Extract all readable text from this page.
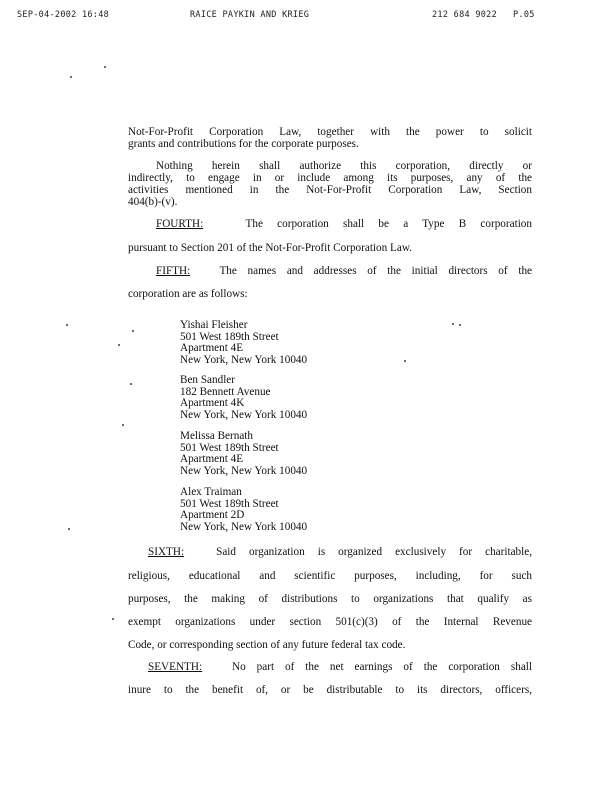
SEP-04-2002 16:48	RAICE PAYKIN AND KRIEG	212 684 9022 P.05
Not-For-Profit Corporation Law, together with the power to solicit
grants and contributions for the corporate purposes.
Nothing herein shall authorize this corporation, directly or
indirectly, to engage in or include among its purposes, any of the
activities mentioned in the Not-For-Profit Corporation Law, Section
404(b)-(v).
FOURTH:	The corporation shall be a Type B corporation
pursuant to Section 201 of the Not-For-Profit Corporation Law.
FIFTH:	The names and addresses of the initial directors of the
corporation are as follows:
Yishai Fleisher
501 West 189th Street
Apartment 4E
New York, New York 10040
Ben Sandler
182 Bennett Avenue
Apartment 4K
New York, New York 10040
Melissa Bernath
501 West 189th Street
Apartment 4E
New York, New York 10040
Alex Traiman
501 West 189th Street
Apartment 2D
New York, New York 10040
SIXTH:	Said organization is organized exclusively for charitable,
religious, educational and scientific purposes, including, for such
purposes, the making of distributions to organizations that qualify as
exempt organizations under section 501(c)(3) of the Internal Revenue
Code, or corresponding section of any future federal tax code.
SEVENTH:	No part of the net earnings of the corporation shall
inure to the benefit of, or be distributable to its directors, officers,
